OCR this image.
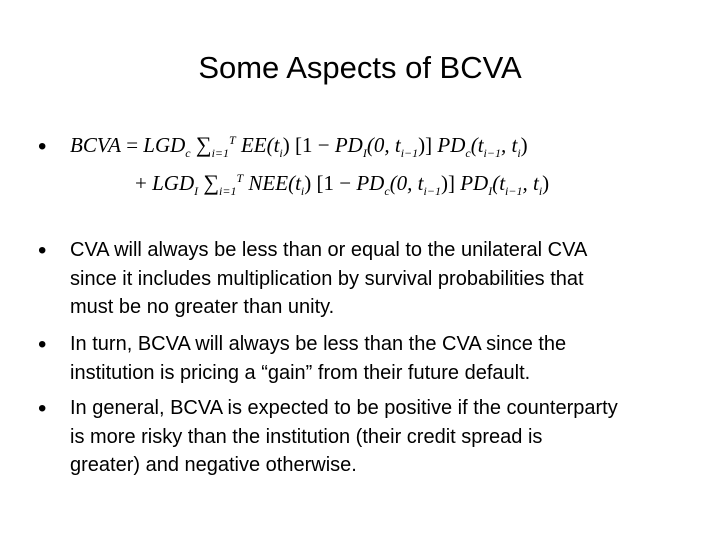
Some Aspects of BCVA
• BCVA = $LGD_c$ $\sum_{i=1}^T$ $EE(t_i) [1 - PD_I(0$, $t_{i-1}$)] $PD_c(t_{i-1}$, $t_i$)
+ $LGD_I$ $\sum_{i=1}^T$ $NEE(t_i) [1 - PD_c(0$, $t_{i-1}$)] $PD_I(t_{i-1}$, $t_i$)
• CVA will always be less than or equal to the unilateral CVA
since it includes multiplication by survival probabilities that
must be no greater than unity.
• In turn, BCVA will always be less than the CVA since the
institution is pricing a “gain” from their future default.
• In general, BCVA is expected to be positive if the counterparty
is more risky than the institution (their credit spread is
greater) and negative otherwise.
